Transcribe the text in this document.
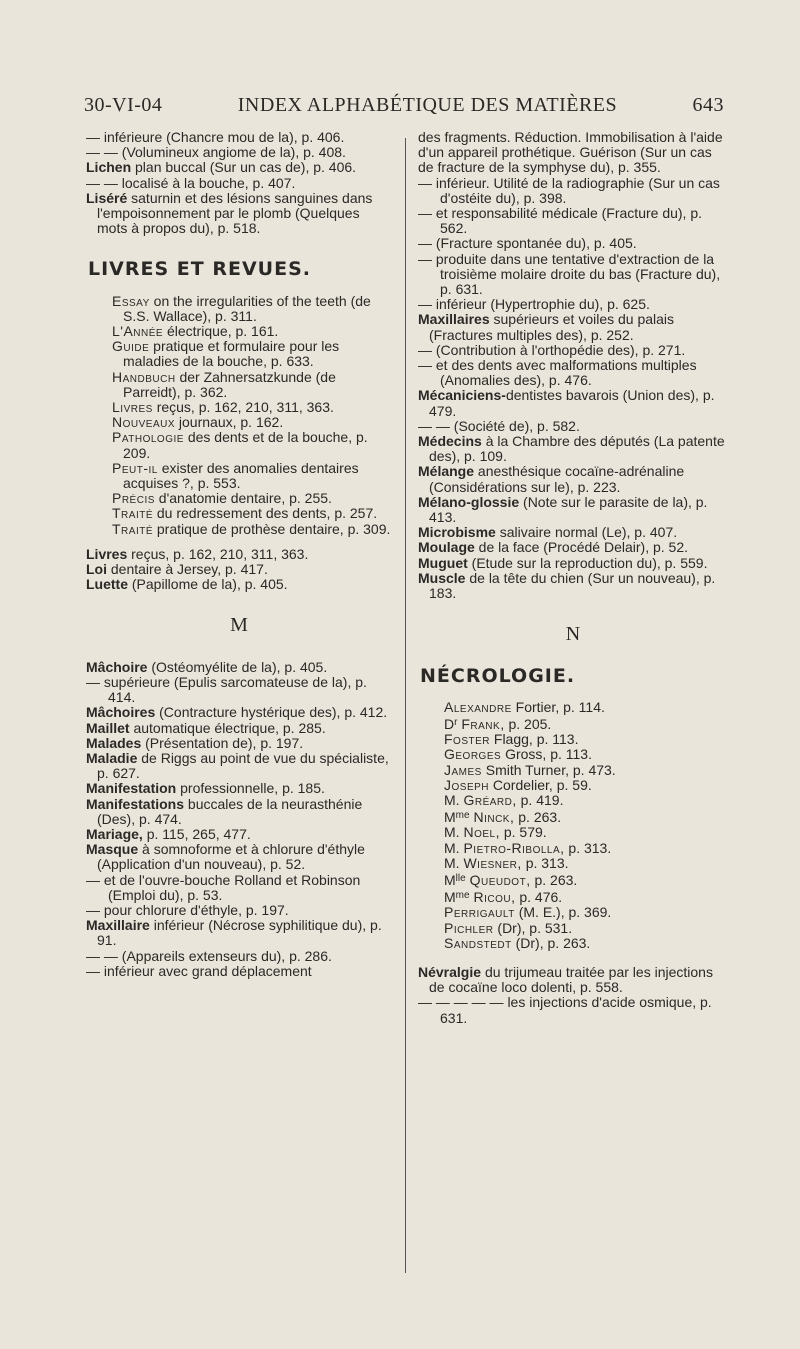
30-VI-04	INDEX ALPHABÉTIQUE DES MATIÈRES	643

— inférieure (Chancre mou de la), p. 406.

— — (Volumineux angiome de la), p. 408.

Lichen plan buccal (Sur un cas de), p. 406.

— — localisé à la bouche, p. 407.

Liséré saturnin et des lésions sanguines dans l'empoisonnement par le plomb (Quelques mots à propos du), p. 518.

LIVRES ET REVUES.

Essay on the irregularities of the teeth (de S.S. Wallace), p. 311.

L'Année électrique, p. 161.

Guide pratique et formulaire pour les maladies de la bouche, p. 633.

Handbuch der Zahnersatzkunde (de Parreidt), p. 362.

Livres reçus, p. 162, 210, 311, 363.

Nouveaux journaux, p. 162.

Pathologie des dents et de la bouche, p. 209.

Peut-il exister des anomalies dentaires acquises ?, p. 553.

Précis d'anatomie dentaire, p. 255.

Traité du redressement des dents, p. 257.

Traité pratique de prothèse dentaire, p. 309.

Livres reçus, p. 162, 210, 311, 363.

Loi dentaire à Jersey, p. 417.

Luette (Papillome de la), p. 405.

M

Mâchoire (Ostéomyélite de la), p. 405.

— supérieure (Epulis sarcomateuse de la), p. 414.

Mâchoires (Contracture hystérique des), p. 412.

Maillet automatique électrique, p. 285.

Malades (Présentation de), p. 197.

Maladie de Riggs au point de vue du spécialiste, p. 627.

Manifestation professionnelle, p. 185.

Manifestations buccales de la neurasthénie (Des), p. 474.

Mariage, p. 115, 265, 477.

Masque à somnoforme et à chlorure d'éthyle (Application d'un nouveau), p. 52.

— et de l'ouvre-bouche Rolland et Robinson (Emploi du), p. 53.

— pour chlorure d'éthyle, p. 197.

Maxillaire inférieur (Nécrose syphilitique du), p. 91.

— — (Appareils extenseurs du), p. 286.

— inférieur avec grand déplacement

des fragments. Réduction. Immobilisation à l'aide d'un appareil prothétique. Guérison (Sur un cas de fracture de la symphyse du), p. 355.

— inférieur. Utilité de la radiographie (Sur un cas d'ostéite du), p. 398.

— et responsabilité médicale (Fracture du), p. 562.

— (Fracture spontanée du), p. 405.

— produite dans une tentative d'extraction de la troisième molaire droite du bas (Fracture du), p. 631.

— inférieur (Hypertrophie du), p. 625.

Maxillaires supérieurs et voiles du palais (Fractures multiples des), p. 252.

— (Contribution à l'orthopédie des), p. 271.

— et des dents avec malformations multiples (Anomalies des), p. 476.

Mécaniciens-dentistes bavarois (Union des), p. 479.

— — (Société de), p. 582.

Médecins à la Chambre des députés (La patente des), p. 109.

Mélange anesthésique cocaïne-adrénaline (Considérations sur le), p. 223.

Mélano-glossie (Note sur le parasite de la), p. 413.

Microbisme salivaire normal (Le), p. 407.

Moulage de la face (Procédé Delair), p. 52.

Muguet (Etude sur la reproduction du), p. 559.

Muscle de la tête du chien (Sur un nouveau), p. 183.

N
NÉCROLOGIE.

Alexandre Fortier, p. 114.

$D^r$ Frank, p. 205.

Foster Flagg, p. 113.

Georges Gross, p. 113.

James Smith Turner, p. 473.

Joseph Cordelier, p. 59.

M. Gréard, p. 419.

$M^{me}$ Ninck, p. 263.

M. Noel, p. 579.

M. Pietro-Ribolla, p. 313.

M. Wiesner, p. 313.

$M^{lle}$ Queudot, p. 263.

$M^{me}$ Ricou, p. 476.

Perrigault (M. E.), p. 369.

Pichler (Dr), p. 531.

Sandstedt (Dr), p. 263.

Névralgie du trijumeau traitée par les injections de cocaïne loco dolenti, p. 558.

— — — — — les injections d'acide osmique, p. 631.
